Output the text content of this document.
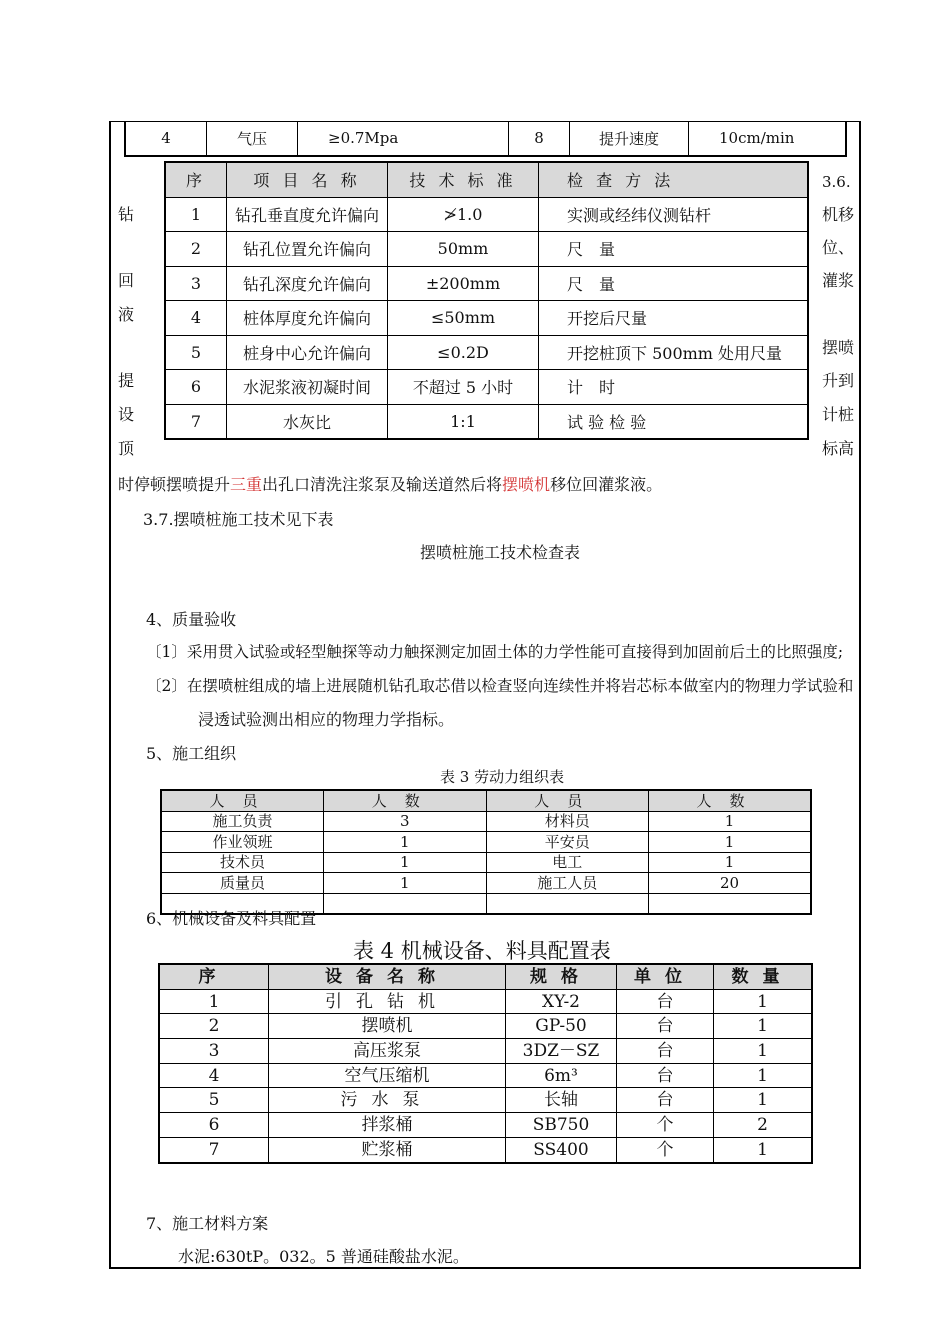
4	气压	≥0.7Mpa	8	提升速度	10cm/min
序	项 目 名 称	技 术 标 准	检 查 方 法
1	钻孔垂直度允许偏向	≯1.0	实测或经纬仪测钻杆
2	钻孔位置允许偏向	50mm	尺　量
3	钻孔深度允许偏向	±200mm	尺　量
4	桩体厚度允许偏向	≤50mm	开挖后尺量
5	桩身中心允许偏向	≤0.2D	开挖桩顶下 500mm 处用尺量
6	水泥浆液初凝时间	不超过 5 小时	计　时
7	水灰比	1:1	试 验 检 验
钻
回
液
提
设
顶
3.6.
机移
位、
灌浆
摆喷
升到
计桩
标高
时停顿摆喷提升三重出孔口清洗注浆泵及输送道然后将摆喷机移位回灌浆液。
3.7.摆喷桩施工技术见下表
摆喷桩施工技术检查表
4、质量验收
〔1〕采用贯入试验或轻型触探等动力触探测定加固土体的力学性能可直接得到加固前后土的比照强度;
〔2〕在摆喷桩组成的墙上进展随机钻孔取芯借以检查竖向连续性并将岩芯标本做室内的物理力学试验和
浸透试验测出相应的物理力学指标。
5、施工组织
表 3 劳动力组织表
人员	人数	人员	人数
施工负责	3	材料员	1
作业领班	1	平安员	1
技术员	1	电工	1
质量员	1	施工人员	20

6、机械设备及料具配置
表 4 机械设备、料具配置表
序	设备名称	规格	单位	数量
1	引孔钻机	XY-2	台	1
2	摆喷机	GP-50	台	1
3	高压浆泵	3DZ－SZ	台	1
4	空气压缩机	6m³	台	1
5	污水泵	长轴	台	1
6	拌浆桶	SB750	个	2
7	贮浆桶	SS400	个	1
7、施工材料方案
水泥:630tP。032。5 普通硅酸盐水泥。
